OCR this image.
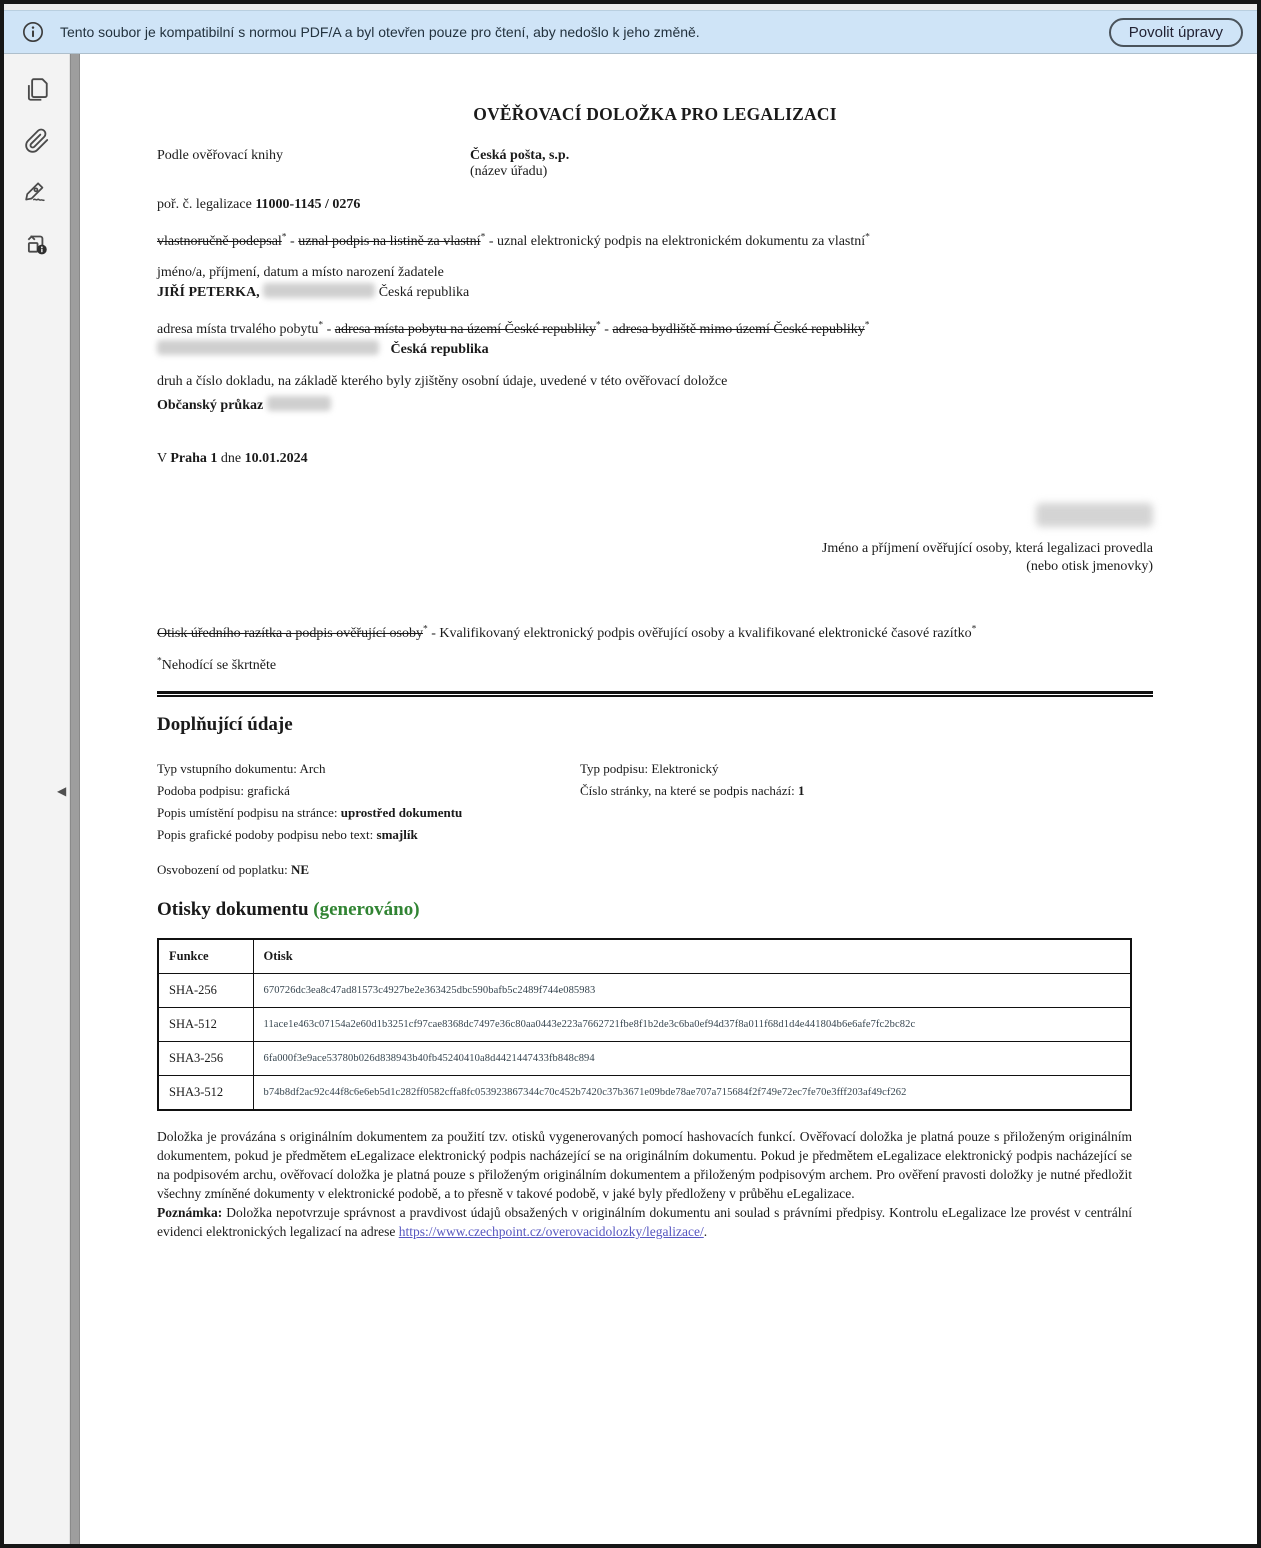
Tento soubor je kompatibilní s normou PDF/A a byl otevřen pouze pro čtení, aby nedošlo k jeho změně.	Povolit úpravy
◀
OVĚŘOVACÍ DOLOŽKA PRO LEGALIZACI
Podle ověřovací knihy	Česká pošta, s.p.
(název úřadu)
poř. č. legalizace 11000-1145 / 0276
vlastnoručně podepsal* - uznal podpis na listině za vlastní* - uznal elektronický podpis na elektronickém dokumentu za vlastní*
jméno/a, příjmení, datum a místo narození žadatele
JIŘÍ PETERKA,	Česká republika
adresa místa trvalého pobytu* - adresa místa pobytu na území České republiky* - adresa bydliště mimo území České republiky*
Česká republika
druh a číslo dokladu, na základě kterého byly zjištěny osobní údaje, uvedené v této ověřovací doložce
Občanský průkaz
V Praha 1 dne 10.01.2024
Jméno a příjmení ověřující osoby, která legalizaci provedla
(nebo otisk jmenovky)
Otisk úředního razítka a podpis ověřující osoby* - Kvalifikovaný elektronický podpis ověřující osoby a kvalifikované elektronické časové razítko*
*Nehodící se škrtněte
Doplňující údaje
Typ vstupního dokumentu: Arch
Podoba podpisu: grafická
Popis umístění podpisu na stránce: uprostřed dokumentu
Popis grafické podoby podpisu nebo text: smajlík
Typ podpisu: Elektronický
Číslo stránky, na které se podpis nachází: 1
Osvobození od poplatku: NE
Otisky dokumentu (generováno)
Funkce	Otisk
SHA-256	670726dc3ea8c47ad81573c4927be2e363425dbc590bafb5c2489f744e085983
SHA-512	11ace1e463c07154a2e60d1b3251cf97cae8368dc7497e36c80aa0443e223a7662721fbe8f1b2de3c6ba0ef94d37f8a011f68d1d4e441804b6e6afe7fc2bc82c
SHA3-256	6fa000f3e9ace53780b026d838943b40fb45240410a8d4421447433fb848c894
SHA3-512	b74b8df2ac92c44f8c6e6eb5d1c282ff0582cffa8fc053923867344c70c452b7420c37b3671e09bde78ae707a715684f2f749e72ec7fe70e3fff203af49cf262
Doložka je provázána s originálním dokumentem za použití tzv. otisků vygenerovaných pomocí hashovacích funkcí. Ověřovací doložka je platná pouze s přiloženým originálním dokumentem, pokud je předmětem eLegalizace elektronický podpis nacházející se na originálním dokumentu. Pokud je předmětem eLegalizace elektronický podpis nacházející se na podpisovém archu, ověřovací doložka je platná pouze s přiloženým originálním dokumentem a přiloženým podpisovým archem. Pro ověření pravosti doložky je nutné předložit všechny zmíněné dokumenty v elektronické podobě, a to přesně v takové podobě, v jaké byly předloženy v průběhu eLegalizace.
Poznámka: Doložka nepotvrzuje správnost a pravdivost údajů obsažených v originálním dokumentu ani soulad s právními předpisy. Kontrolu eLegalizace lze provést v centrální evidenci elektronických legalizací na adrese https://www.czechpoint.cz/overovacidolozky/legalizace/.
